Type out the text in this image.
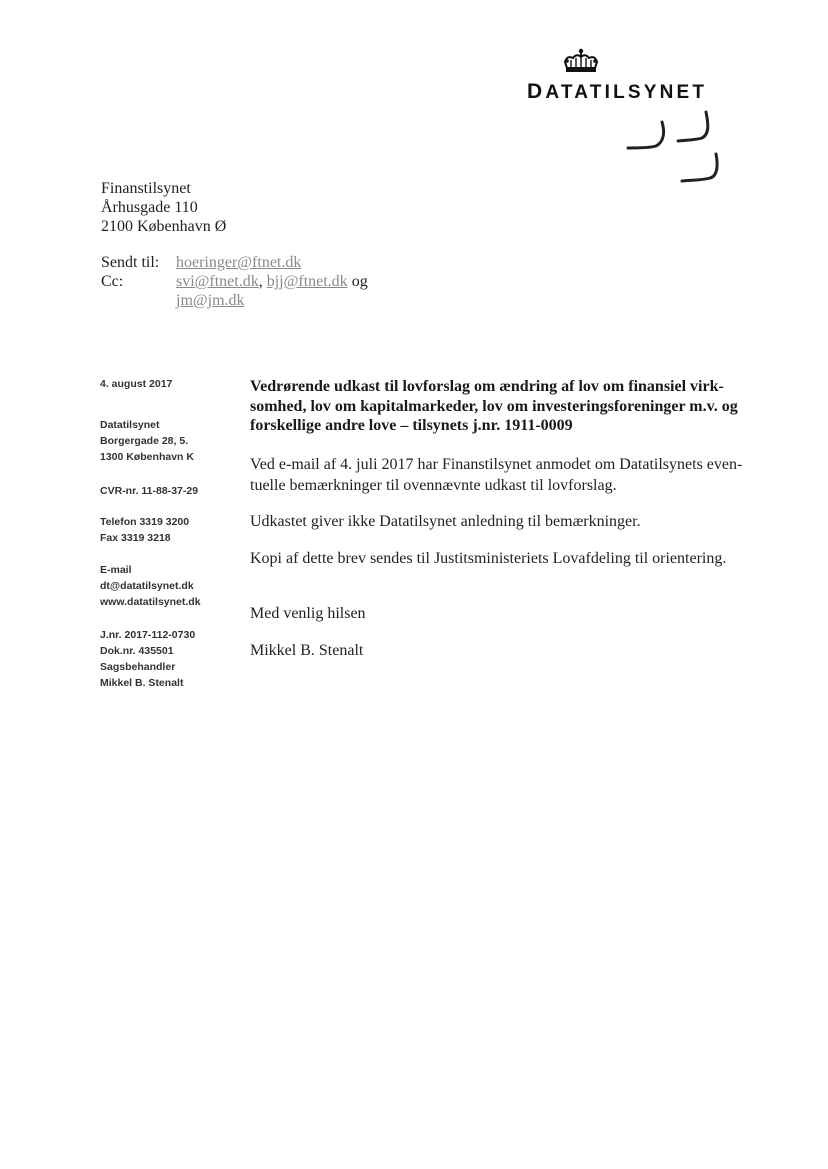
DATATILSYNET
Finanstilsynet
Århusgade 110
2100 København Ø
Sendt til: hoeringer@ftnet.dk
Cc:	svi@ftnet.dk, bjj@ftnet.dk og
jm@jm.dk
4. august 2017
Datatilsynet
Borgergade 28, 5.
1300 København K
CVR-nr. 11-88-37-29
Telefon 3319 3200
Fax 3319 3218
E-mail
dt@datatilsynet.dk
www.datatilsynet.dk
J.nr. 2017-112-0730
Dok.nr. 435501
Sagsbehandler
Mikkel B. Stenalt
Vedrørende udkast til lovforslag om ændring af lov om finansiel virk-
somhed, lov om kapitalmarkeder, lov om investeringsforeninger m.v. og
forskellige andre love – tilsynets j.nr. 1911-0009
Ved e-mail af 4. juli 2017 har Finanstilsynet anmodet om Datatilsynets even-
tuelle bemærkninger til ovennævnte udkast til lovforslag.
Udkastet giver ikke Datatilsynet anledning til bemærkninger.
Kopi af dette brev sendes til Justitsministeriets Lovafdeling til orientering.
Med venlig hilsen
Mikkel B. Stenalt
